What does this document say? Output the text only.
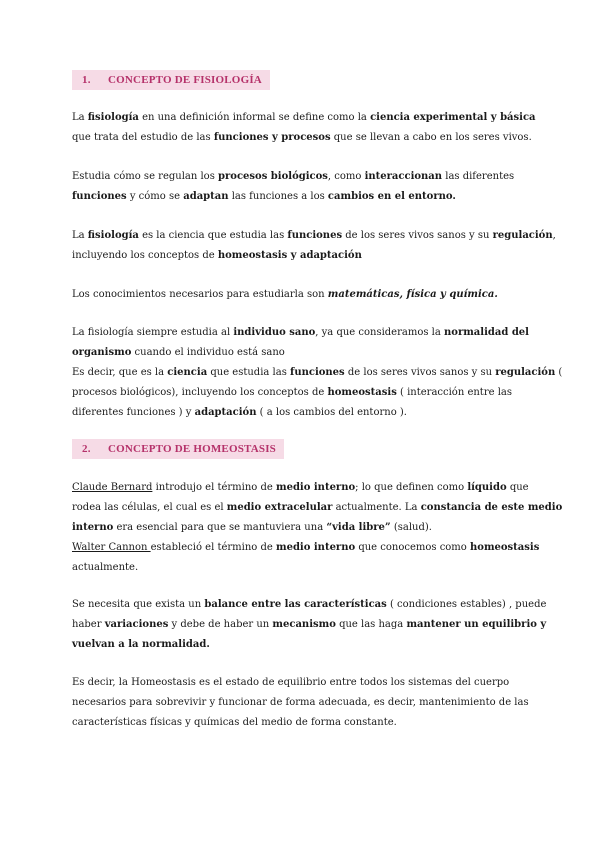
1. CONCEPTO DE FISIOLOGÍA
2. CONCEPTO DE HOMEOSTASIS
La fisiología en una definición informal se define como la ciencia experimental y básica
que trata del estudio de las funciones y procesos que se llevan a cabo en los seres vivos.
Estudia cómo se regulan los procesos biológicos, como interaccionan las diferentes
funciones y cómo se adaptan las funciones a los cambios en el entorno.
La fisiología es la ciencia que estudia las funciones de los seres vivos sanos y su regulación,
incluyendo los conceptos de homeostasis y adaptación
Los conocimientos necesarios para estudiarla son matemáticas, física y química.
La fisiología siempre estudia al individuo sano, ya que consideramos la normalidad del
organismo cuando el individuo está sano
Es decir, que es la ciencia que estudia las funciones de los seres vivos sanos y su regulación (
procesos biológicos), incluyendo los conceptos de homeostasis ( interacción entre las
diferentes funciones ) y adaptación ( a los cambios del entorno ).
Claude Bernard introdujo el término de medio interno; lo que definen como líquido que
rodea las células, el cual es el medio extracelular actualmente. La constancia de este medio
interno era esencial para que se mantuviera una “vida libre” (salud).
Walter Cannon estableció el término de medio interno que conocemos como homeostasis
actualmente.
Se necesita que exista un balance entre las características ( condiciones estables) , puede
haber variaciones y debe de haber un mecanismo que las haga mantener un equilibrio y
vuelvan a la normalidad.
Es decir, la Homeostasis es el estado de equilibrio entre todos los sistemas del cuerpo
necesarios para sobrevivir y funcionar de forma adecuada, es decir, mantenimiento de las
características físicas y químicas del medio de forma constante.
